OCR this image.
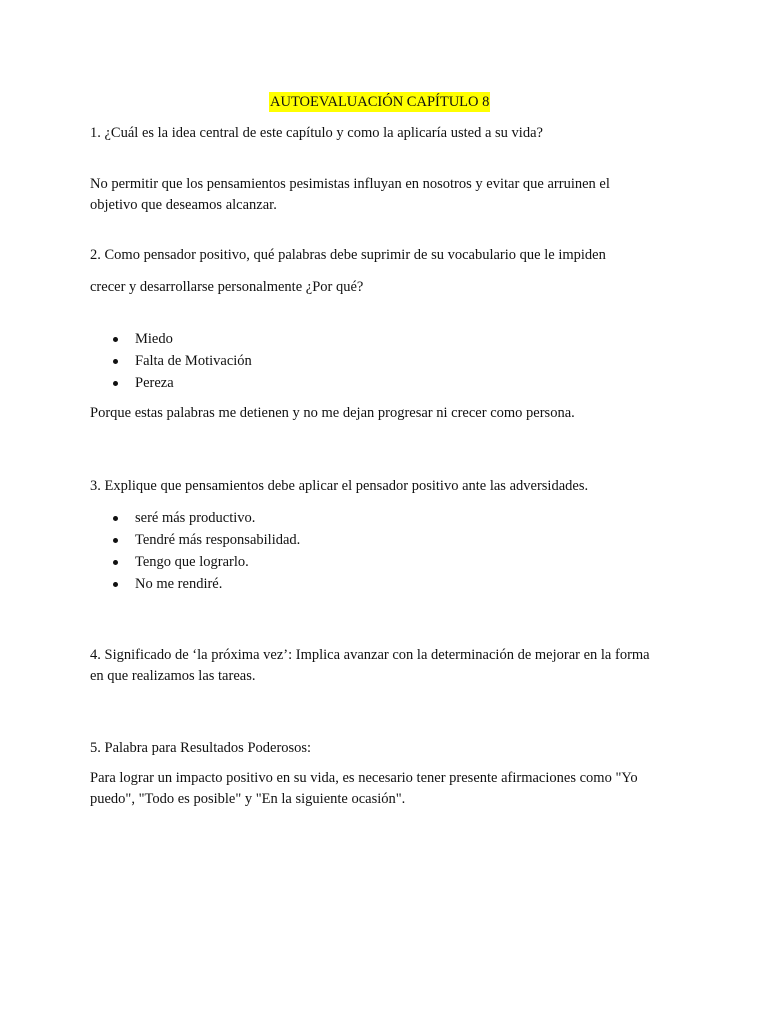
AUTOEVALUACIÓN CAPÍTULO 8

1. ¿Cuál es la idea central de este capítulo y como la aplicaría usted a su vida?

No permitir que los pensamientos pesimistas influyan en nosotros y evitar que arruinen el

objetivo que deseamos alcanzar.

2. Como pensador positivo, qué palabras debe suprimir de su vocabulario que le impiden

crecer y desarrollarse personalmente ¿Por qué?

Miedo
Falta de Motivación
Pereza

Porque estas palabras me detienen y no me dejan progresar ni crecer como persona.

3. Explique que pensamientos debe aplicar el pensador positivo ante las adversidades.

seré más productivo.
Tendré más responsabilidad.
Tengo que lograrlo.
No me rendiré.

4. Significado de ‘la próxima vez’: Implica avanzar con la determinación de mejorar en la forma

en que realizamos las tareas.

5. Palabra para Resultados Poderosos:

Para lograr un impacto positivo en su vida, es necesario tener presente afirmaciones como "Yo

puedo", "Todo es posible" y "En la siguiente ocasión".
